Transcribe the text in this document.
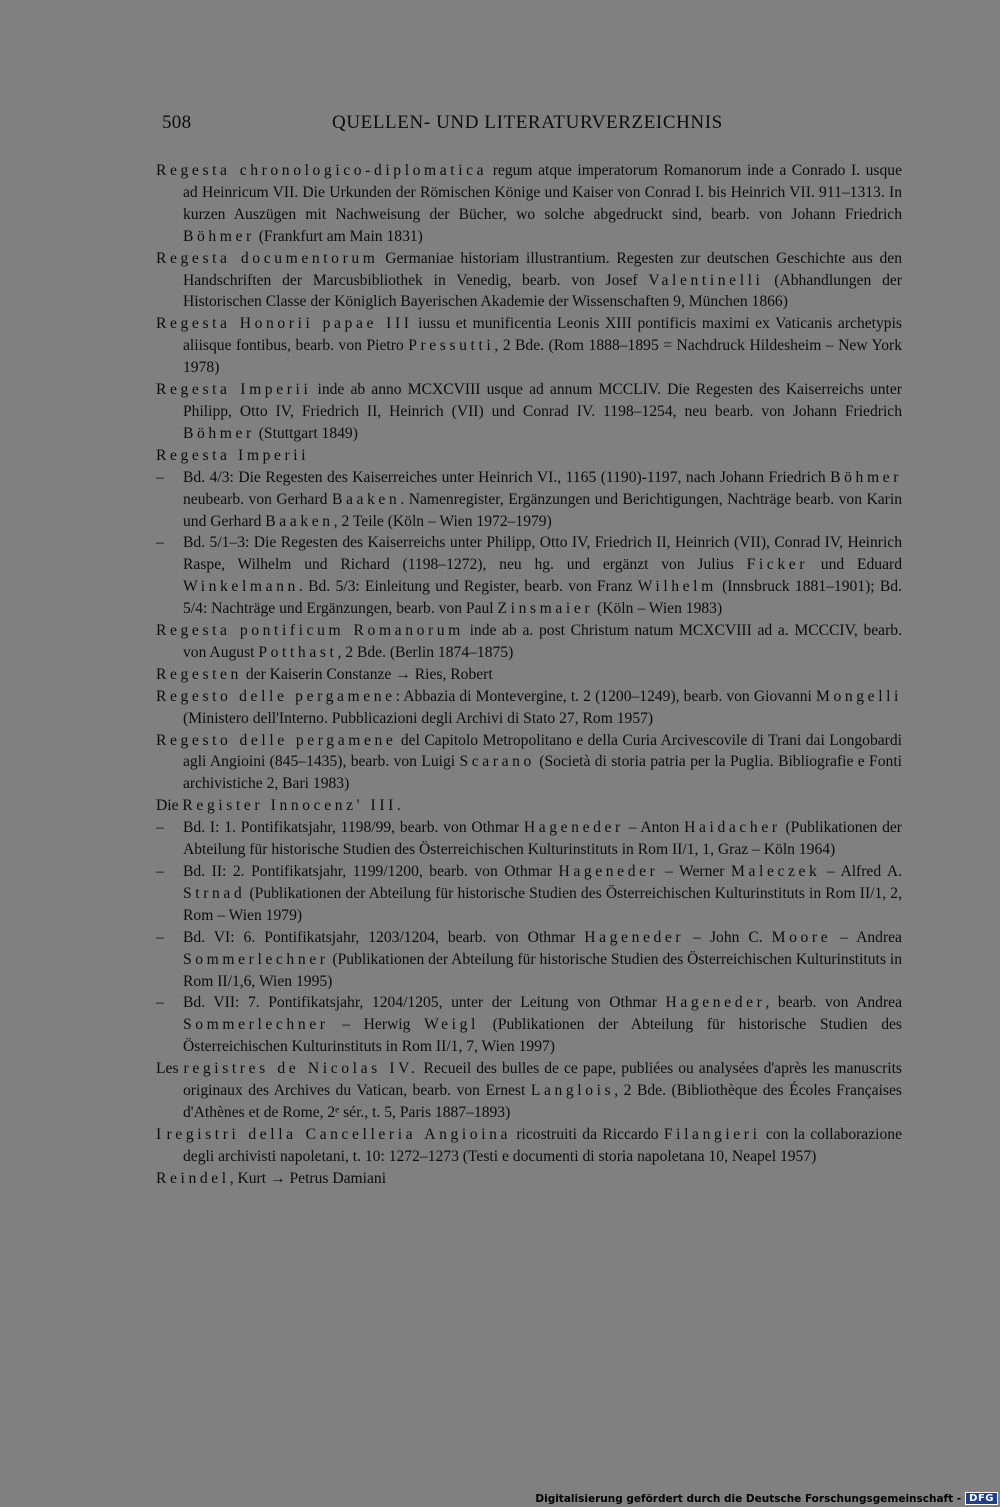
508	QUELLEN- UND LITERATURVERZEICHNIS
Regesta chronologico-diplomatica regum atque imperatorum Romanorum inde a Conrado I. usque ad Heinricum VII. Die Urkunden der Römischen Könige und Kaiser von Conrad I. bis Heinrich VII. 911–1313. In kurzen Auszügen mit Nachweisung der Bücher, wo solche abgedruckt sind, bearb. von Johann Friedrich Böhmer (Frankfurt am Main 1831)
Regesta documentorum Germaniae historiam illustrantium. Regesten zur deutschen Geschichte aus den Handschriften der Marcusbibliothek in Venedig, bearb. von Josef Valentinelli (Abhandlungen der Historischen Classe der Königlich Bayerischen Akademie der Wissenschaften 9, München 1866)
Regesta Honorii papae III iussu et munificentia Leonis XIII pontificis maximi ex Vaticanis archetypis aliisque fontibus, bearb. von Pietro Pressutti, 2 Bde. (Rom 1888–1895 = Nachdruck Hildesheim – New York 1978)
Regesta Imperii inde ab anno MCXCVIII usque ad annum MCCLIV. Die Regesten des Kaiserreichs unter Philipp, Otto IV, Friedrich II, Heinrich (VII) und Conrad IV. 1198–1254, neu bearb. von Johann Friedrich Böhmer (Stuttgart 1849)
Regesta Imperii
– Bd. 4/3: Die Regesten des Kaiserreiches unter Heinrich VI., 1165 (1190)-1197, nach Johann Friedrich Böhmer neubearb. von Gerhard Baaken. Namenregister, Ergänzungen und Berichtigungen, Nachträge bearb. von Karin und Gerhard Baaken, 2 Teile (Köln – Wien 1972–1979)
– Bd. 5/1–3: Die Regesten des Kaiserreichs unter Philipp, Otto IV, Friedrich II, Heinrich (VII), Conrad IV, Heinrich Raspe, Wilhelm und Richard (1198–1272), neu hg. und ergänzt von Julius Ficker und Eduard Winkelmann. Bd. 5/3: Einleitung und Register, bearb. von Franz Wilhelm (Innsbruck 1881–1901); Bd. 5/4: Nachträge und Ergänzungen, bearb. von Paul Zinsmaier (Köln – Wien 1983)
Regesta pontificum Romanorum inde ab a. post Christum natum MCXCVIII ad a. MCCCIV, bearb. von August Potthast, 2 Bde. (Berlin 1874–1875)
Regesten der Kaiserin Constanze → Ries, Robert
Regesto delle pergamene: Abbazia di Montevergine, t. 2 (1200–1249), bearb. von Giovanni Mongelli (Ministero dell'Interno. Pubblicazioni degli Archivi di Stato 27, Rom 1957)
Regesto delle pergamene del Capitolo Metropolitano e della Curia Arcivescovile di Trani dai Longobardi agli Angioini (845–1435), bearb. von Luigi Scarano (Società di storia patria per la Puglia. Bibliografie e Fonti archivistiche 2, Bari 1983)
Die Register Innocenz' III.
– Bd. I: 1. Pontifikatsjahr, 1198/99, bearb. von Othmar Hageneder – Anton Haidacher (Publikationen der Abteilung für historische Studien des Österreichischen Kulturinstituts in Rom II/1, 1, Graz – Köln 1964)
– Bd. II: 2. Pontifikatsjahr, 1199/1200, bearb. von Othmar Hageneder – Werner Maleczek – Alfred A. Strnad (Publikationen der Abteilung für historische Studien des Österreichischen Kulturinstituts in Rom II/1, 2, Rom – Wien 1979)
– Bd. VI: 6. Pontifikatsjahr, 1203/1204, bearb. von Othmar Hageneder – John C. Moore – Andrea Sommerlechner (Publikationen der Abteilung für historische Studien des Österreichischen Kulturinstituts in Rom II/1,6, Wien 1995)
– Bd. VII: 7. Pontifikatsjahr, 1204/1205, unter der Leitung von Othmar Hageneder, bearb. von Andrea Sommerlechner – Herwig Weigl (Publikationen der Abteilung für historische Studien des Österreichischen Kulturinstituts in Rom II/1, 7, Wien 1997)
Les registres de Nicolas IV. Recueil des bulles de ce pape, publiées ou analysées d'après les manuscrits originaux des Archives du Vatican, bearb. von Ernest Langlois, 2 Bde. (Bibliothèque des Écoles Françaises d'Athènes et de Rome, 2ᵉ sér., t. 5, Paris 1887–1893)
I registri della Cancelleria Angioina ricostruiti da Riccardo Filangieri con la collaborazione degli archivisti napoletani, t. 10: 1272–1273 (Testi e documenti di storia napoletana 10, Neapel 1957)
Reindel, Kurt → Petrus Damiani
Digitalisierung gefördert durch die Deutsche Forschungsgemeinschaft - DFG
